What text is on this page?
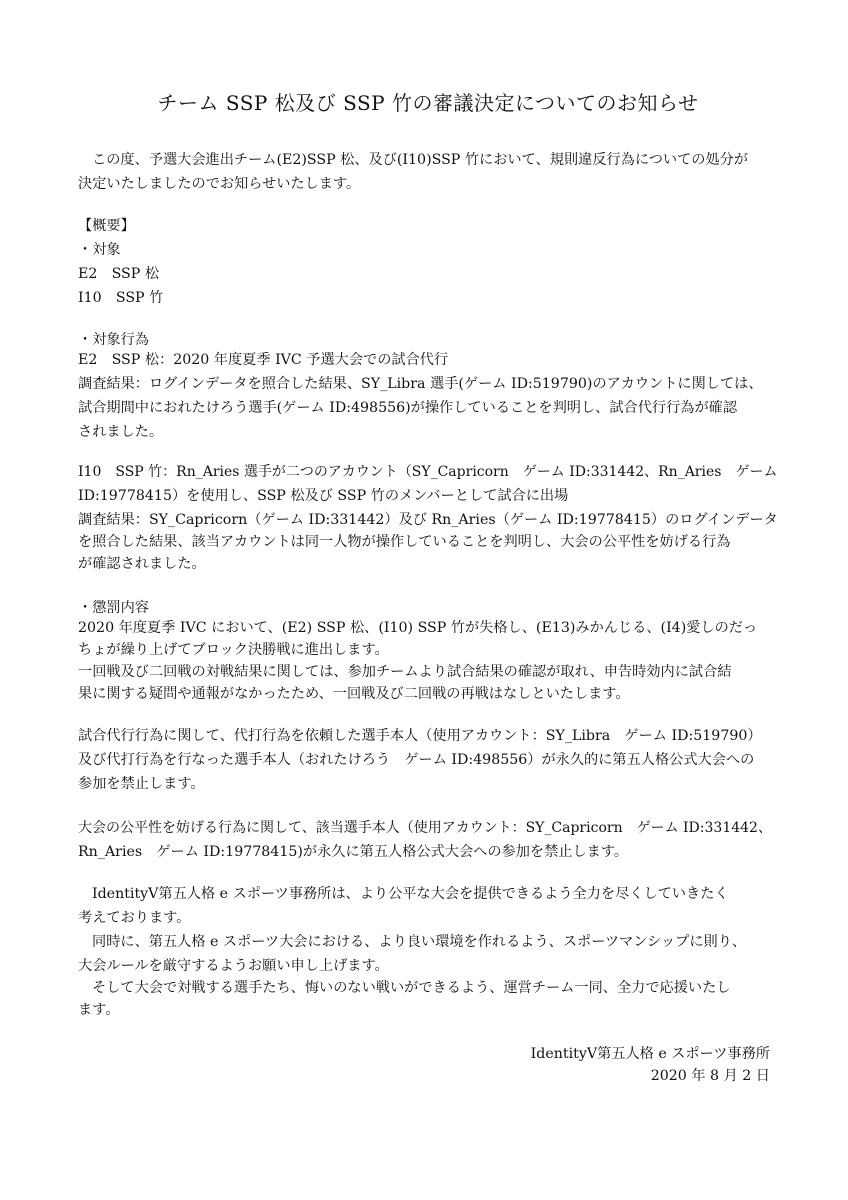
チーム SSP 松及び SSP 竹の審議決定についてのお知らせ
この度、予選大会進出チーム(E2)SSP 松、及び(I10)SSP 竹において、規則違反行為についての処分が
決定いたしましたのでお知らせいたします。
【概要】
・対象
E2　SSP 松
I10　SSP 竹
・対象行為
E2　SSP 松：2020 年度夏季 IVC 予選大会での試合代行
調査結果：ログインデータを照合した結果、SY_Libra 選手(ゲーム ID:519790)のアカウントに関しては、
試合期間中におれたけろう選手(ゲーム ID:498556)が操作していることを判明し、試合代行行為が確認
されました。
I10　SSP 竹：Rn_Aries 選手が二つのアカウント（SY_Capricorn　ゲーム ID:331442、Rn_Aries　ゲーム
ID:19778415）を使用し、SSP 松及び SSP 竹のメンバーとして試合に出場
調査結果：SY_Capricorn（ゲーム ID:331442）及び Rn_Aries（ゲーム ID:19778415）のログインデータ
を照合した結果、該当アカウントは同一人物が操作していることを判明し、大会の公平性を妨げる行為
が確認されました。
・懲罰内容
2020 年度夏季 IVC において、(E2) SSP 松、(I10) SSP 竹が失格し、(E13)みかんじる、(I4)愛しのだっ
ちょが繰り上げてブロック決勝戦に進出します。
一回戦及び二回戦の対戦結果に関しては、参加チームより試合結果の確認が取れ、申告時効内に試合結
果に関する疑問や通報がなかったため、一回戦及び二回戦の再戦はなしといたします。
試合代行行為に関して、代打行為を依頼した選手本人（使用アカウント：SY_Libra　ゲーム ID:519790）
及び代打行為を行なった選手本人（おれたけろう　ゲーム ID:498556）が永久的に第五人格公式大会への
参加を禁止します。
大会の公平性を妨げる行為に関して、該当選手本人（使用アカウント：SY_Capricorn　ゲーム ID:331442、
Rn_Aries　ゲーム ID:19778415)が永久に第五人格公式大会への参加を禁止します。
IdentityⅤ第五人格 e スポーツ事務所は、より公平な大会を提供できるよう全力を尽くしていきたく
考えております。
同時に、第五人格 e スポーツ大会における、より良い環境を作れるよう、スポーツマンシップに則り、
大会ルールを厳守するようお願い申し上げます。
そして大会で対戦する選手たち、悔いのない戦いができるよう、運営チーム一同、全力で応援いたし
ます。
IdentityⅤ第五人格 e スポーツ事務所
2020 年 8 月 2 日
